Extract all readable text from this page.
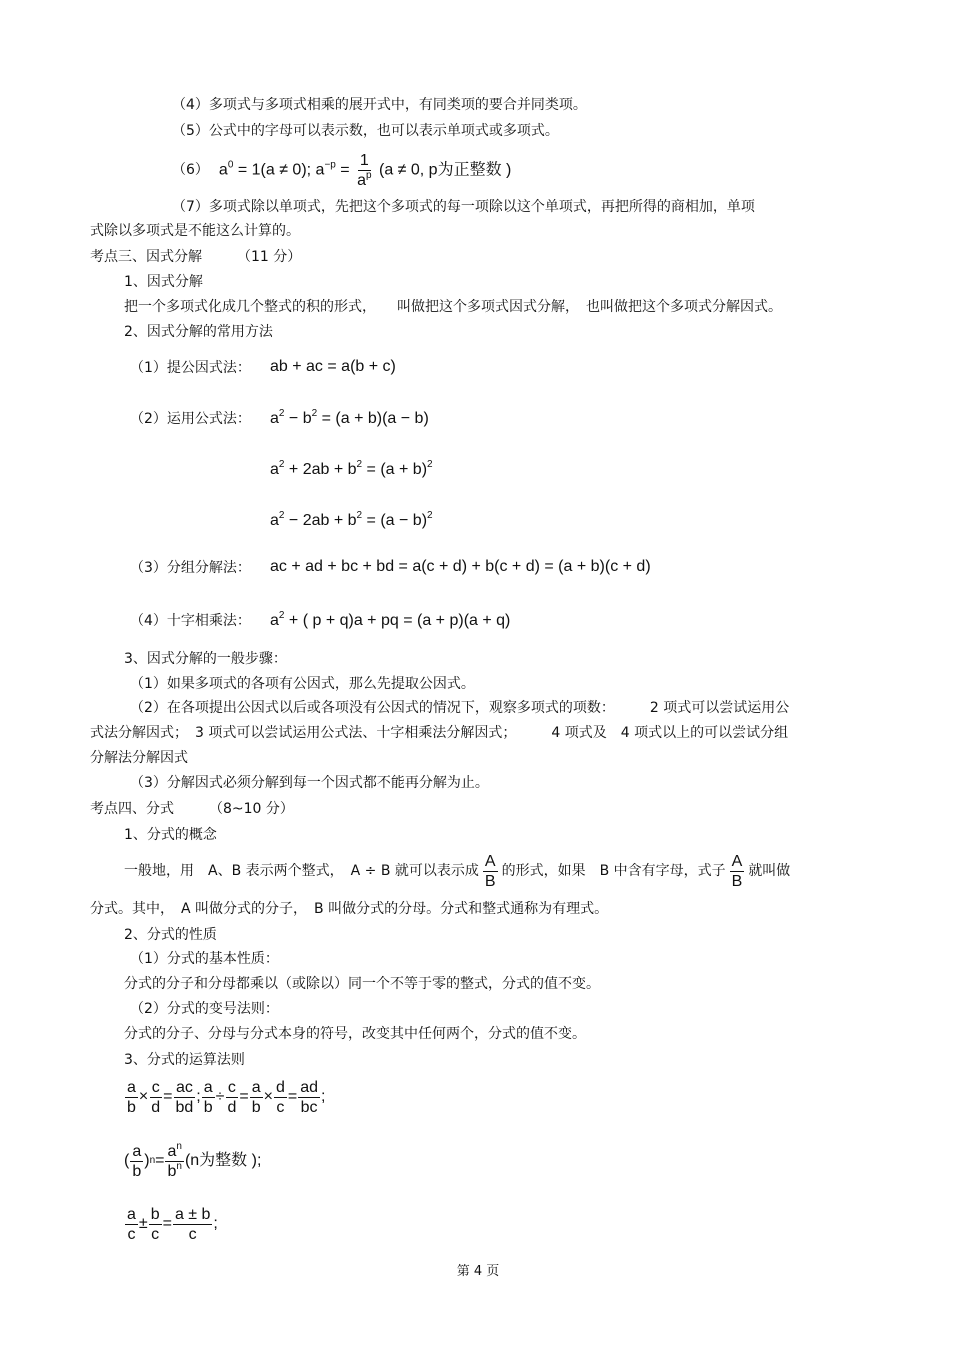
（4）多项式与多项式相乘的展开式中，有同类项的要合并同类项。
（5）公式中的字母可以表示数，也可以表示单项式或多项式。
（6） $a^0 = 1(a \ne 0)$; $a^{-p} = \frac{1}{a^p} (a \ne 0$, p为正整数 )
（7）多项式除以单项式，先把这个多项式的每一项除以这个单项式，再把所得的商相加，单项
式除以多项式是不能这么计算的。
考点三、因式分解　　　（11 分）
1、因式分解
把一个多项式化成几个整式的积的形式，　　叫做把这个多项式因式分解，　也叫做把这个多项式分解因式。
2、因式分解的常用方法
（1）提公因式法： ab + ac = a(b + c)
（2）运用公式法： $a^2 - b^2 = (a + b)(a - b)$
$a^2 + 2ab + b^2 = (a + b)^2$
$a^2 - 2ab + b^2 = (a - b)^2$
（3）分组分解法： ac + ad + bc + bd = a(c + d) + b(c + d) = (a + b)(c + d)
（4）十字相乘法： $a^2$ + ( p + q)a + pq = (a + p)(a + q)
3、因式分解的一般步骤：
（1）如果多项式的各项有公因式，那么先提取公因式。
（2）在各项提出公因式以后或各项没有公因式的情况下，观察多项式的项数：　　　2 项式可以尝试运用公
式法分解因式；　3 项式可以尝试运用公式法、十字相乘法分解因式；　　　4 项式及　4 项式以上的可以尝试分组
分解法分解因式
（3）分解因式必须分解到每一个因式都不能再分解为止。
考点四、分式　　　（8~10 分）
1、分式的概念
一般地，用　A、B 表示两个整式，　A ÷ B 就可以表示成 $\frac{A}{B}$ 的形式，如果　B 中含有字母，式子 $\frac{A}{B}$ 就叫做
分式。其中，　A 叫做分式的分子，　B 叫做分式的分母。分式和整式通称为有理式。
2、分式的性质
（1）分式的基本性质：
分式的分子和分母都乘以（或除以）同一个不等于零的整式，分式的值不变。
（2）分式的变号法则：
分式的分子、分母与分式本身的符号，改变其中任何两个，分式的值不变。
3、分式的运算法则
$\frac{a}{b} \times \frac{c}{d} = \frac{ac}{bd}$ ; $\frac{a}{b} \div \frac{c}{d} = \frac{a}{b} \times \frac{d}{c} = \frac{ad}{bc}$ ;
( $\frac{a}{b}$ ) $n = \frac{a^n}{b^n} (n$为整数 );
$\frac{a}{c} \pm \frac{b}{c} = \frac{a \pm b}{c}$ ;
第 4 页
